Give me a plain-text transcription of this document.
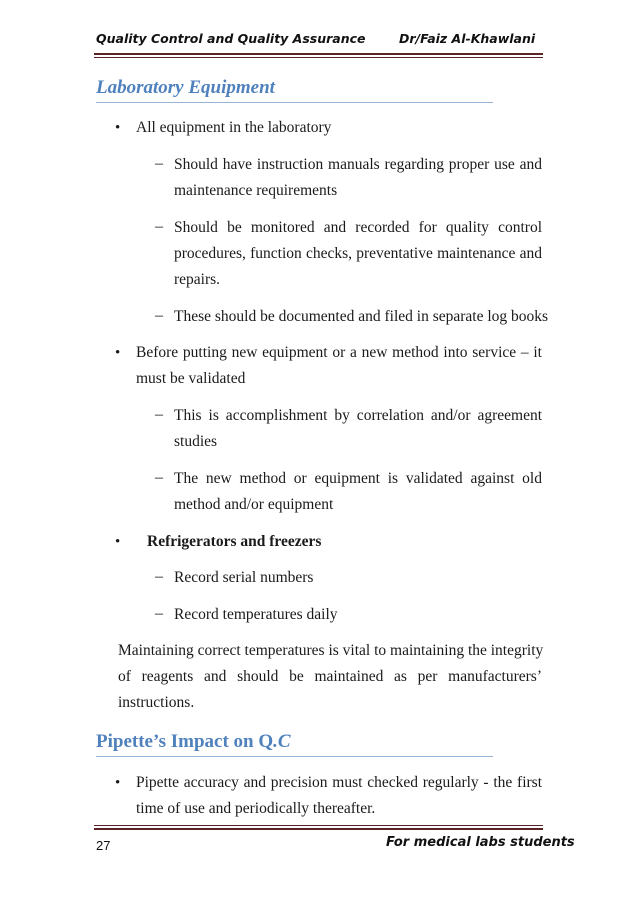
Quality Control and Quality Assurance	Dr/Faiz Al-Khawlani
Laboratory Equipment
• All equipment in the laboratory
– Should have instruction manuals regarding proper use and
maintenance requirements
– Should be monitored and recorded for quality control
procedures, function checks, preventative maintenance and
repairs.
– These should be documented and filed in separate log books
• Before putting new equipment or a new method into service – it
must be validated
– This is accomplishment by correlation and/or agreement
studies
– The new method or equipment is validated against old
method and/or equipment
• Refrigerators and freezers
– Record serial numbers
– Record temperatures daily
Maintaining correct temperatures is vital to maintaining the integrity
of reagents and should be maintained as per manufacturers’
instructions.
Pipette’s Impact on Q.C
• Pipette accuracy and precision must checked regularly - the first
time of use and periodically thereafter.
27	For medical labs students
